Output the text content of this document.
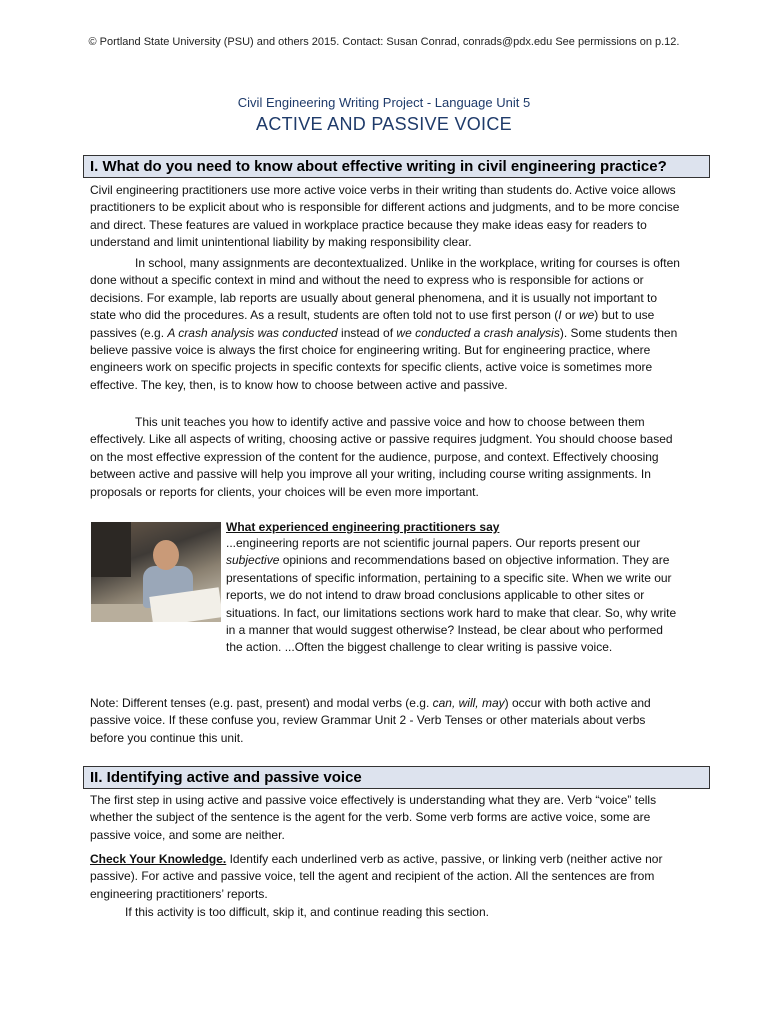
© Portland State University (PSU) and others 2015. Contact: Susan Conrad, conrads@pdx.edu See permissions on p.12.
Civil Engineering Writing Project - Language Unit 5
ACTIVE AND PASSIVE VOICE
I. What do you need to know about effective writing in civil engineering practice?

Civil engineering practitioners use more active voice verbs in their writing than students do. Active voice allows practitioners to be explicit about who is responsible for different actions and judgments, and to be more concise and direct. These features are valued in workplace practice because they make ideas easy for readers to understand and limit unintentional liability by making responsibility clear.

In school, many assignments are decontextualized. Unlike in the workplace, writing for courses is often done without a specific context in mind and without the need to express who is responsible for actions or decisions. For example, lab reports are usually about general phenomena, and it is usually not important to state who did the procedures. As a result, students are often told not to use first person (I or we) but to use passives (e.g. A crash analysis was conducted instead of we conducted a crash analysis). Some students then believe passive voice is always the first choice for engineering writing. But for engineering practice, where engineers work on specific projects in specific contexts for specific clients, active voice is sometimes more effective. The key, then, is to know how to choose between active and passive.

This unit teaches you how to identify active and passive voice and how to choose between them effectively. Like all aspects of writing, choosing active or passive requires judgment. You should choose based on the most effective expression of the content for the audience, purpose, and context. Effectively choosing between active and passive will help you improve all your writing, including course writing assignments. In proposals or reports for clients, your choices will be even more important.

What experienced engineering practitioners say

...engineering reports are not scientific journal papers. Our reports present our subjective opinions and recommendations based on objective information. They are presentations of specific information, pertaining to a specific site. When we write our reports, we do not intend to draw broad conclusions applicable to other sites or situations. In fact, our limitations sections work hard to make that clear. So, why write in a manner that would suggest otherwise? Instead, be clear about who performed the action. ...Often the biggest challenge to clear writing is passive voice.

Note: Different tenses (e.g. past, present) and modal verbs (e.g. can, will, may) occur with both active and passive voice. If these confuse you, review Grammar Unit 2 - Verb Tenses or other materials about verbs before you continue this unit.

II. Identifying active and passive voice

The first step in using active and passive voice effectively is understanding what they are. Verb “voice” tells whether the subject of the sentence is the agent for the verb. Some verb forms are active voice, some are passive voice, and some are neither.

Check Your Knowledge. Identify each underlined verb as active, passive, or linking verb (neither active nor passive). For active and passive voice, tell the agent and recipient of the action. All the sentences are from engineering practitioners’ reports.

If this activity is too difficult, skip it, and continue reading this section.
